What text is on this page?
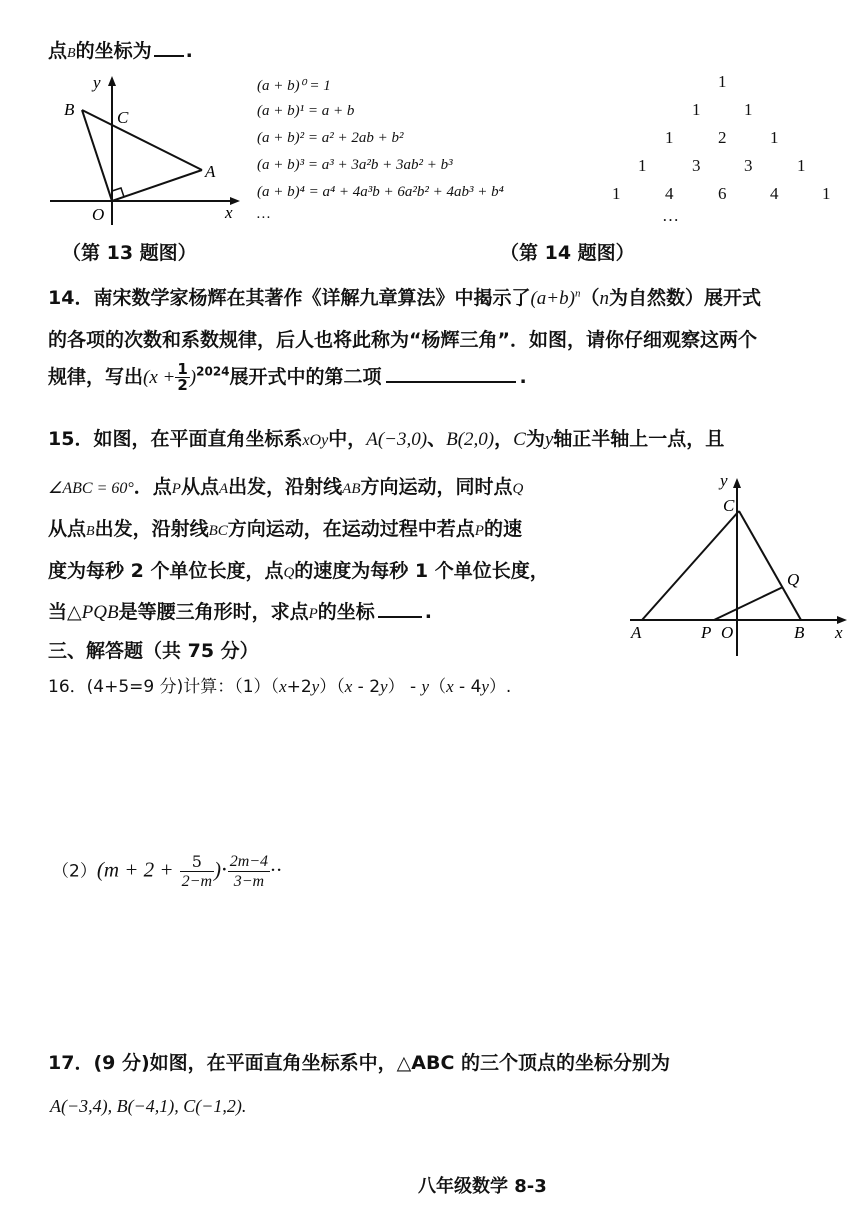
点B的坐标为 .
y
x
B	C
A
O
(a + b)⁰ = 1
(a + b)¹ = a + b
(a + b)² = a² + 2ab + b²
(a + b)³ = a³ + 3a²b + 3ab² + b³
(a + b)⁴ = a⁴ + 4a³b + 6a²b² + 4ab³ + b⁴
…
1
1	1
1	2	1
1	3	3	1
1	4	6	4	1
…
（第 13 题图）	（第 14 题图）
14．南宋数学家杨辉在其著作《详解九章算法》中揭示了$(a+b)^n(n$为自然数）展开式
的各项的次数和系数规律，后人也将此称为“杨辉三角”．如图，请你仔细观察这两个
规律，写出$(x + \frac{1}{2} )^{2024}$展开式中的第二项	.
15．如图，在平面直角坐标系xOy中，A(−3,0)、B(2,0)，C为y轴正半轴上一点，且
∠ABC = 60°．点P从点A出发，沿射线AB方向运动，同时点Q
从点B出发，沿射线BC方向运动，在运动过程中若点P的速
度为每秒 2 个单位长度，点Q的速度为每秒 1 个单位长度，
当△PQB是等腰三角形时，求点P的坐标	.
y
x
C
Q
A	P O	B
三、解答题（共 75 分）
16．(4+5=9 分)计算：（1）（x+2y）（x - 2y） - y（x - 4y）.
$(2)(m + 2 + \frac{5}{2-m}$ )· $\frac{2m-4}{3-m}$ ··
17．(9 分)如图，在平面直角坐标系中，△ABC 的三个顶点的坐标分别为
A(−3,4), B(−4,1), C(−1,2).
八年级数学 8-3
